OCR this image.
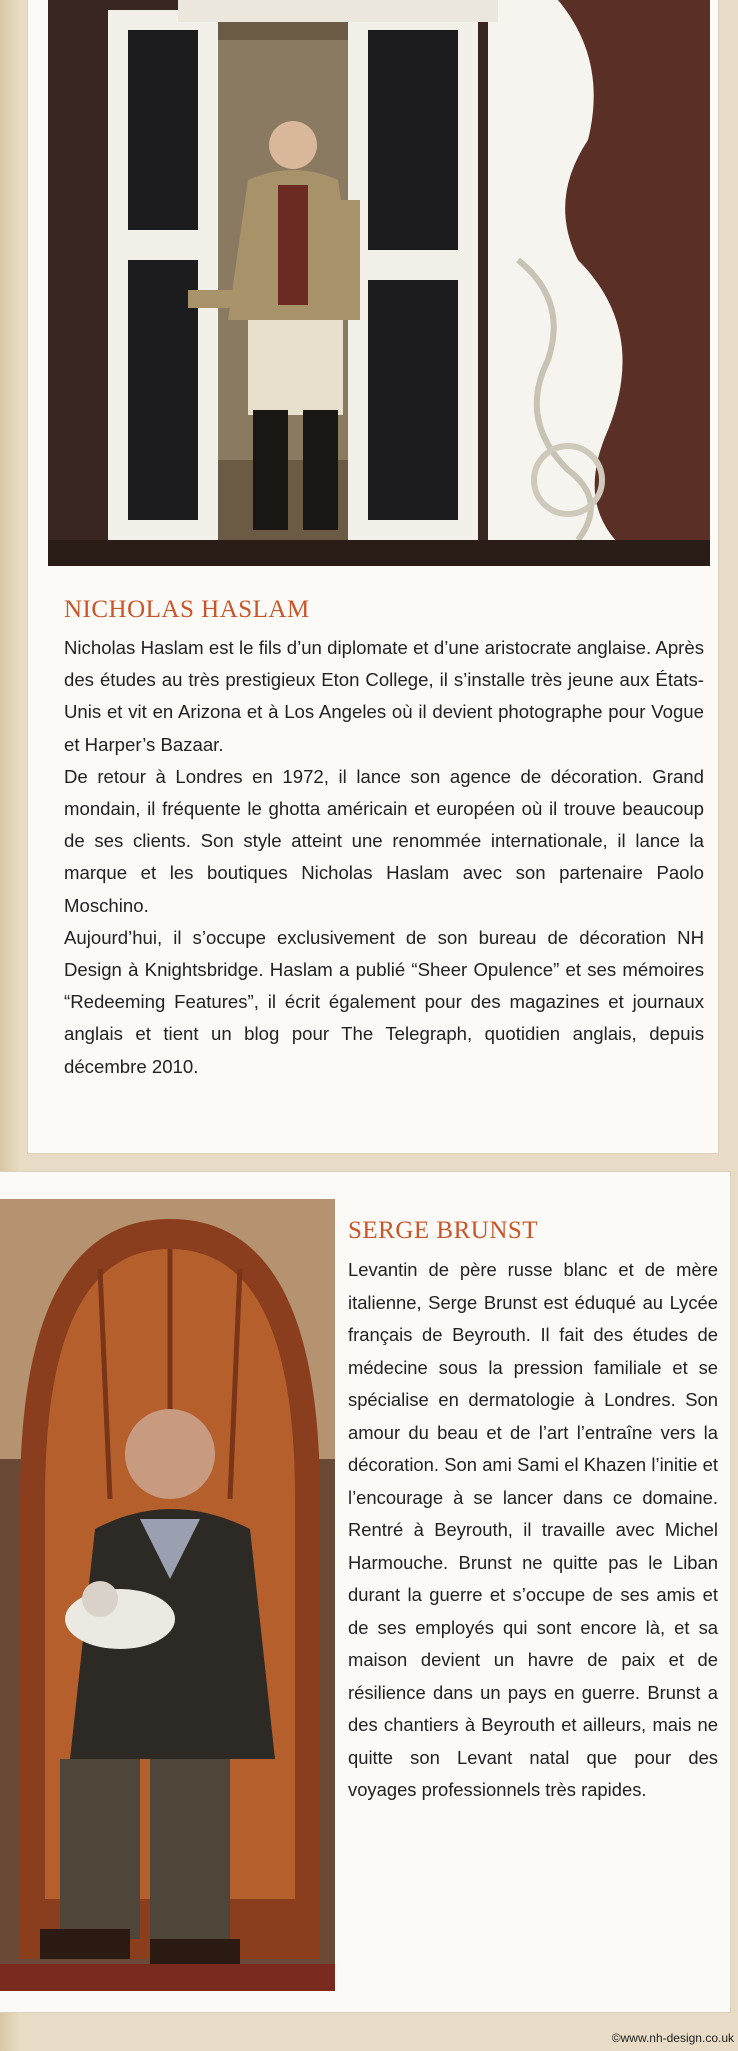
NICHOLAS HASLAM

Nicholas Haslam est le fils d’un diplomate et d’une aristocrate anglaise. Après des études au très prestigieux Eton College, il s’installe très jeune aux États-Unis et vit en Arizona et à Los Angeles où il devient photographe pour Vogue et Harper’s Bazaar.

De retour à Londres en 1972, il lance son agence de décoration. Grand mondain, il fréquente le ghotta américain et européen où il trouve beaucoup de ses clients. Son style atteint une renommée internationale, il lance la marque et les boutiques Nicholas Haslam avec son partenaire Paolo Moschino.

Aujourd’hui, il s’occupe exclusivement de son bureau de décoration NH Design à Knightsbridge. Haslam a publié “Sheer Opulence” et ses mémoires “Redeeming Features”, il écrit également pour des magazines et journaux anglais et tient un blog pour The Telegraph, quotidien anglais, depuis décembre 2010.

SERGE BRUNST

Levantin de père russe blanc et de mère italienne, Serge Brunst est éduqué au Lycée français de Beyrouth. Il fait des études de médecine sous la pression familiale et se spécialise en dermatologie à Londres. Son amour du beau et de l’art l’entraîne vers la décoration. Son ami Sami el Khazen l’initie et l’encourage à se lancer dans ce domaine. Rentré à Beyrouth, il travaille avec Michel Harmouche. Brunst ne quitte pas le Liban durant la guerre et s’occupe de ses amis et de ses employés qui sont encore là, et sa maison devient un havre de paix et de résilience dans un pays en guerre. Brunst a des chantiers à Beyrouth et ailleurs, mais ne quitte son Levant natal que pour des voyages professionnels très rapides.

©www.nh-design.co.uk
